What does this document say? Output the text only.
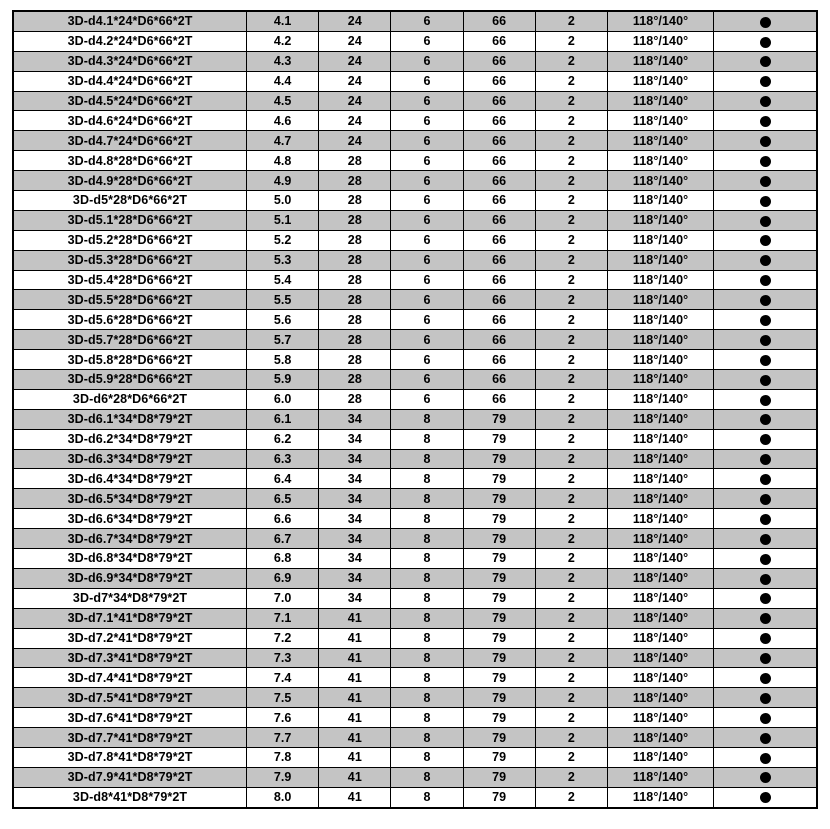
3D-d4.1*24*D6*66*2T	4.1	24	6	66	2	118°/140°	
3D-d4.2*24*D6*66*2T	4.2	24	6	66	2	118°/140°	
3D-d4.3*24*D6*66*2T	4.3	24	6	66	2	118°/140°	
3D-d4.4*24*D6*66*2T	4.4	24	6	66	2	118°/140°	
3D-d4.5*24*D6*66*2T	4.5	24	6	66	2	118°/140°	
3D-d4.6*24*D6*66*2T	4.6	24	6	66	2	118°/140°	
3D-d4.7*24*D6*66*2T	4.7	24	6	66	2	118°/140°	
3D-d4.8*28*D6*66*2T	4.8	28	6	66	2	118°/140°	
3D-d4.9*28*D6*66*2T	4.9	28	6	66	2	118°/140°	
3D-d5*28*D6*66*2T	5.0	28	6	66	2	118°/140°	
3D-d5.1*28*D6*66*2T	5.1	28	6	66	2	118°/140°	
3D-d5.2*28*D6*66*2T	5.2	28	6	66	2	118°/140°	
3D-d5.3*28*D6*66*2T	5.3	28	6	66	2	118°/140°	
3D-d5.4*28*D6*66*2T	5.4	28	6	66	2	118°/140°	
3D-d5.5*28*D6*66*2T	5.5	28	6	66	2	118°/140°	
3D-d5.6*28*D6*66*2T	5.6	28	6	66	2	118°/140°	
3D-d5.7*28*D6*66*2T	5.7	28	6	66	2	118°/140°	
3D-d5.8*28*D6*66*2T	5.8	28	6	66	2	118°/140°	
3D-d5.9*28*D6*66*2T	5.9	28	6	66	2	118°/140°	
3D-d6*28*D6*66*2T	6.0	28	6	66	2	118°/140°	
3D-d6.1*34*D8*79*2T	6.1	34	8	79	2	118°/140°	
3D-d6.2*34*D8*79*2T	6.2	34	8	79	2	118°/140°	
3D-d6.3*34*D8*79*2T	6.3	34	8	79	2	118°/140°	
3D-d6.4*34*D8*79*2T	6.4	34	8	79	2	118°/140°	
3D-d6.5*34*D8*79*2T	6.5	34	8	79	2	118°/140°	
3D-d6.6*34*D8*79*2T	6.6	34	8	79	2	118°/140°	
3D-d6.7*34*D8*79*2T	6.7	34	8	79	2	118°/140°	
3D-d6.8*34*D8*79*2T	6.8	34	8	79	2	118°/140°	
3D-d6.9*34*D8*79*2T	6.9	34	8	79	2	118°/140°	
3D-d7*34*D8*79*2T	7.0	34	8	79	2	118°/140°	
3D-d7.1*41*D8*79*2T	7.1	41	8	79	2	118°/140°	
3D-d7.2*41*D8*79*2T	7.2	41	8	79	2	118°/140°	
3D-d7.3*41*D8*79*2T	7.3	41	8	79	2	118°/140°	
3D-d7.4*41*D8*79*2T	7.4	41	8	79	2	118°/140°	
3D-d7.5*41*D8*79*2T	7.5	41	8	79	2	118°/140°	
3D-d7.6*41*D8*79*2T	7.6	41	8	79	2	118°/140°	
3D-d7.7*41*D8*79*2T	7.7	41	8	79	2	118°/140°	
3D-d7.8*41*D8*79*2T	7.8	41	8	79	2	118°/140°	
3D-d7.9*41*D8*79*2T	7.9	41	8	79	2	118°/140°	
3D-d8*41*D8*79*2T	8.0	41	8	79	2	118°/140°	
